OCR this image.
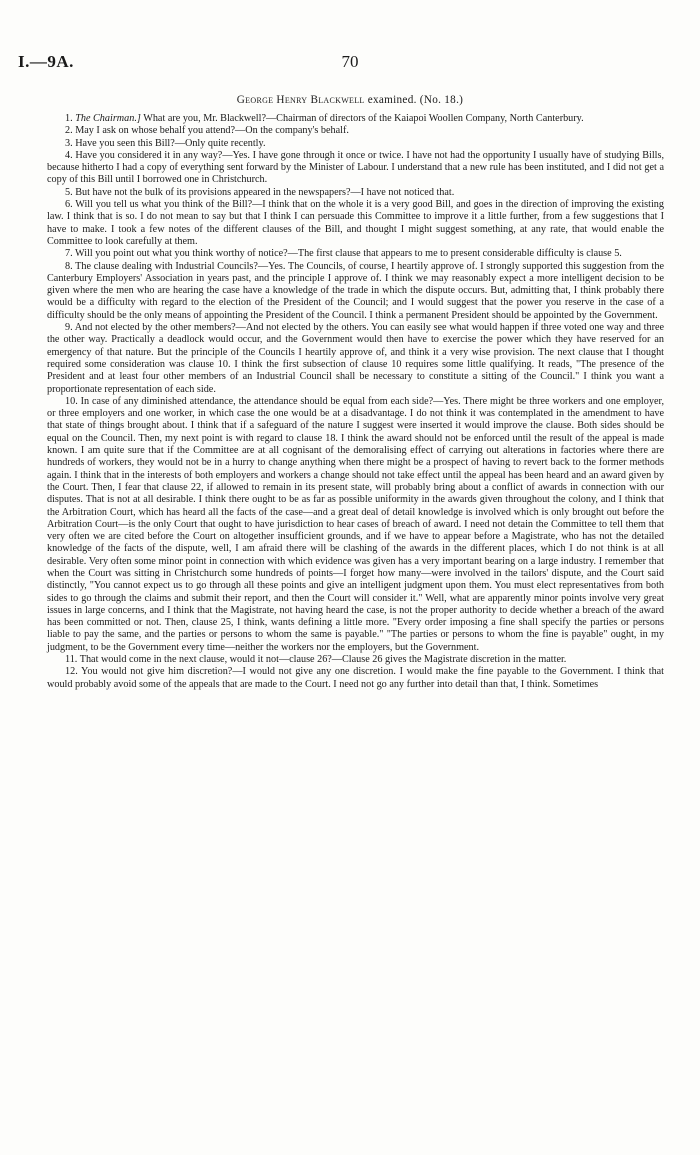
I.—9A.	70
George Henry Blackwell examined. (No. 18.)

1. The Chairman.] What are you, Mr. Blackwell?—Chairman of directors of the Kaiapoi Woollen Company, North Canterbury.

2. May I ask on whose behalf you attend?—On the company's behalf.

3. Have you seen this Bill?—Only quite recently.

4. Have you considered it in any way?—Yes. I have gone through it once or twice. I have not had the opportunity I usually have of studying Bills, because hitherto I had a copy of everything sent forward by the Minister of Labour. I understand that a new rule has been instituted, and I did not get a copy of this Bill until I borrowed one in Christchurch.

5. But have not the bulk of its provisions appeared in the newspapers?—I have not noticed that.

6. Will you tell us what you think of the Bill?—I think that on the whole it is a very good Bill, and goes in the direction of improving the existing law. I think that is so. I do not mean to say but that I think I can persuade this Committee to improve it a little further, from a few suggestions that I have to make. I took a few notes of the different clauses of the Bill, and thought I might suggest something, at any rate, that would enable the Committee to look carefully at them.

7. Will you point out what you think worthy of notice?—The first clause that appears to me to present considerable difficulty is clause 5.

8. The clause dealing with Industrial Councils?—Yes. The Councils, of course, I heartily approve of. I strongly supported this suggestion from the Canterbury Employers' Association in years past, and the principle I approve of. I think we may reasonably expect a more intelligent decision to be given where the men who are hearing the case have a knowledge of the trade in which the dispute occurs. But, admitting that, I think probably there would be a difficulty with regard to the election of the President of the Council; and I would suggest that the power you reserve in the case of a difficulty should be the only means of appointing the President of the Council. I think a permanent President should be appointed by the Government.

9. And not elected by the other members?—And not elected by the others. You can easily see what would happen if three voted one way and three the other way. Practically a deadlock would occur, and the Government would then have to exercise the power which they have reserved for an emergency of that nature. But the principle of the Councils I heartily approve of, and think it a very wise provision. The next clause that I thought required some consideration was clause 10. I think the first subsection of clause 10 requires some little qualifying. It reads, "The presence of the President and at least four other members of an Industrial Council shall be necessary to constitute a sitting of the Council." I think you want a proportionate representation of each side.

10. In case of any diminished attendance, the attendance should be equal from each side?—Yes. There might be three workers and one employer, or three employers and one worker, in which case the one would be at a disadvantage. I do not think it was contemplated in the amendment to have that state of things brought about. I think that if a safeguard of the nature I suggest were inserted it would improve the clause. Both sides should be equal on the Council. Then, my next point is with regard to clause 18. I think the award should not be enforced until the result of the appeal is made known. I am quite sure that if the Committee are at all cognisant of the demoralising effect of carrying out alterations in factories where there are hundreds of workers, they would not be in a hurry to change anything when there might be a prospect of having to revert back to the former methods again. I think that in the interests of both employers and workers a change should not take effect until the appeal has been heard and an award given by the Court. Then, I fear that clause 22, if allowed to remain in its present state, will probably bring about a conflict of awards in connection with our disputes. That is not at all desirable. I think there ought to be as far as possible uniformity in the awards given throughout the colony, and I think that the Arbitration Court, which has heard all the facts of the case—and a great deal of detail knowledge is involved which is only brought out before the Arbitration Court—is the only Court that ought to have jurisdiction to hear cases of breach of award. I need not detain the Committee to tell them that very often we are cited before the Court on altogether insufficient grounds, and if we have to appear before a Magistrate, who has not the detailed knowledge of the facts of the dispute, well, I am afraid there will be clashing of the awards in the different places, which I do not think is at all desirable. Very often some minor point in connection with which evidence was given has a very important bearing on a large industry. I remember that when the Court was sitting in Christchurch some hundreds of points—I forget how many—were involved in the tailors' dispute, and the Court said distinctly, "You cannot expect us to go through all these points and give an intelligent judgment upon them. You must elect representatives from both sides to go through the claims and submit their report, and then the Court will consider it." Well, what are apparently minor points involve very great issues in large concerns, and I think that the Magistrate, not having heard the case, is not the proper authority to decide whether a breach of the award has been committed or not. Then, clause 25, I think, wants defining a little more. "Every order imposing a fine shall specify the parties or persons liable to pay the same, and the parties or persons to whom the same is payable." "The parties or persons to whom the fine is payable" ought, in my judgment, to be the Government every time—neither the workers nor the employers, but the Government.

11. That would come in the next clause, would it not—clause 26?—Clause 26 gives the Magistrate discretion in the matter.

12. You would not give him discretion?—I would not give any one discretion. I would make the fine payable to the Government. I think that would probably avoid some of the appeals that are made to the Court. I need not go any further into detail than that, I think. Sometimes
